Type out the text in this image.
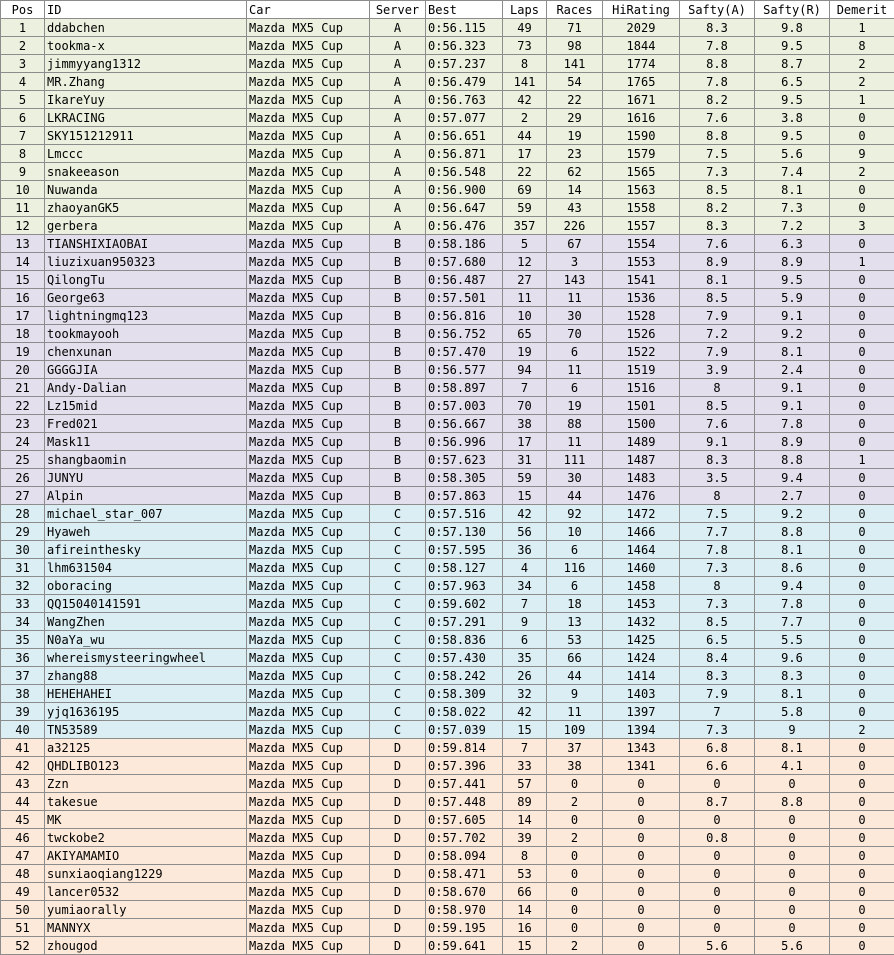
Pos	ID	Car	Server	Best	Laps	Races	HiRating	Safty(A)	Safty(R)	Demerit
1	ddabchen	Mazda MX5 Cup	A	0:56.115	49	71	2029	8.3	9.8	1
2	tookma-x	Mazda MX5 Cup	A	0:56.323	73	98	1844	7.8	9.5	8
3	jimmyyang1312	Mazda MX5 Cup	A	0:57.237	8	141	1774	8.8	8.7	2
4	MR.Zhang	Mazda MX5 Cup	A	0:56.479	141	54	1765	7.8	6.5	2
5	IkareYuy	Mazda MX5 Cup	A	0:56.763	42	22	1671	8.2	9.5	1
6	LKRACING	Mazda MX5 Cup	A	0:57.077	2	29	1616	7.6	3.8	0
7	SKY151212911	Mazda MX5 Cup	A	0:56.651	44	19	1590	8.8	9.5	0
8	Lmccc	Mazda MX5 Cup	A	0:56.871	17	23	1579	7.5	5.6	9
9	snakeeason	Mazda MX5 Cup	A	0:56.548	22	62	1565	7.3	7.4	2
10	Nuwanda	Mazda MX5 Cup	A	0:56.900	69	14	1563	8.5	8.1	0
11	zhaoyanGK5	Mazda MX5 Cup	A	0:56.647	59	43	1558	8.2	7.3	0
12	gerbera	Mazda MX5 Cup	A	0:56.476	357	226	1557	8.3	7.2	3
13	TIANSHIXIAOBAI	Mazda MX5 Cup	B	0:58.186	5	67	1554	7.6	6.3	0
14	liuzixuan950323	Mazda MX5 Cup	B	0:57.680	12	3	1553	8.9	8.9	1
15	QilongTu	Mazda MX5 Cup	B	0:56.487	27	143	1541	8.1	9.5	0
16	George63	Mazda MX5 Cup	B	0:57.501	11	11	1536	8.5	5.9	0
17	lightningmq123	Mazda MX5 Cup	B	0:56.816	10	30	1528	7.9	9.1	0
18	tookmayooh	Mazda MX5 Cup	B	0:56.752	65	70	1526	7.2	9.2	0
19	chenxunan	Mazda MX5 Cup	B	0:57.470	19	6	1522	7.9	8.1	0
20	GGGGJIA	Mazda MX5 Cup	B	0:56.577	94	11	1519	3.9	2.4	0
21	Andy-Dalian	Mazda MX5 Cup	B	0:58.897	7	6	1516	8	9.1	0
22	Lz15mid	Mazda MX5 Cup	B	0:57.003	70	19	1501	8.5	9.1	0
23	Fred021	Mazda MX5 Cup	B	0:56.667	38	88	1500	7.6	7.8	0
24	Mask11	Mazda MX5 Cup	B	0:56.996	17	11	1489	9.1	8.9	0
25	shangbaomin	Mazda MX5 Cup	B	0:57.623	31	111	1487	8.3	8.8	1
26	JUNYU	Mazda MX5 Cup	B	0:58.305	59	30	1483	3.5	9.4	0
27	Alpin	Mazda MX5 Cup	B	0:57.863	15	44	1476	8	2.7	0
28	michael_star_007	Mazda MX5 Cup	C	0:57.516	42	92	1472	7.5	9.2	0
29	Hyaweh	Mazda MX5 Cup	C	0:57.130	56	10	1466	7.7	8.8	0
30	afireinthesky	Mazda MX5 Cup	C	0:57.595	36	6	1464	7.8	8.1	0
31	lhm631504	Mazda MX5 Cup	C	0:58.127	4	116	1460	7.3	8.6	0
32	oboracing	Mazda MX5 Cup	C	0:57.963	34	6	1458	8	9.4	0
33	QQ15040141591	Mazda MX5 Cup	C	0:59.602	7	18	1453	7.3	7.8	0
34	WangZhen	Mazda MX5 Cup	C	0:57.291	9	13	1432	8.5	7.7	0
35	N0aYa_wu	Mazda MX5 Cup	C	0:58.836	6	53	1425	6.5	5.5	0
36	whereismysteeringwheel	Mazda MX5 Cup	C	0:57.430	35	66	1424	8.4	9.6	0
37	zhang88	Mazda MX5 Cup	C	0:58.242	26	44	1414	8.3	8.3	0
38	HEHEHAHEI	Mazda MX5 Cup	C	0:58.309	32	9	1403	7.9	8.1	0
39	yjq1636195	Mazda MX5 Cup	C	0:58.022	42	11	1397	7	5.8	0
40	TN53589	Mazda MX5 Cup	C	0:57.039	15	109	1394	7.3	9	2
41	a32125	Mazda MX5 Cup	D	0:59.814	7	37	1343	6.8	8.1	0
42	QHDLIBO123	Mazda MX5 Cup	D	0:57.396	33	38	1341	6.6	4.1	0
43	Zzn	Mazda MX5 Cup	D	0:57.441	57	0	0	0	0	0
44	takesue	Mazda MX5 Cup	D	0:57.448	89	2	0	8.7	8.8	0
45	MK	Mazda MX5 Cup	D	0:57.605	14	0	0	0	0	0
46	twckobe2	Mazda MX5 Cup	D	0:57.702	39	2	0	0.8	0	0
47	AKIYAMAMIO	Mazda MX5 Cup	D	0:58.094	8	0	0	0	0	0
48	sunxiaoqiang1229	Mazda MX5 Cup	D	0:58.471	53	0	0	0	0	0
49	lancer0532	Mazda MX5 Cup	D	0:58.670	66	0	0	0	0	0
50	yumiaorally	Mazda MX5 Cup	D	0:58.970	14	0	0	0	0	0
51	MANNYX	Mazda MX5 Cup	D	0:59.195	16	0	0	0	0	0
52	zhougod	Mazda MX5 Cup	D	0:59.641	15	2	0	5.6	5.6	0
